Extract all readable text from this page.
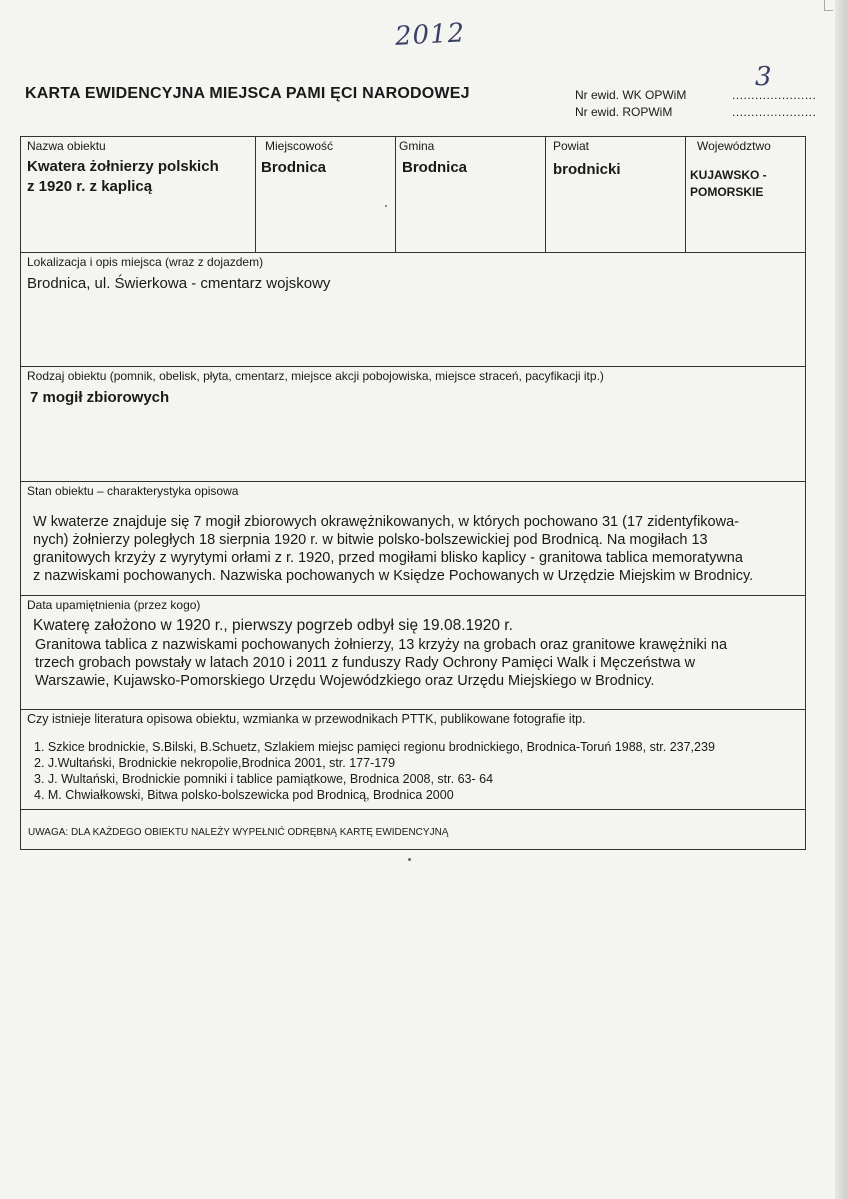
2012
3
KARTA EWIDENCYJNA MIEJSCA PAMI ĘCI NARODOWEJ	Nr ewid. WK OPWiM
Nr ewid. ROPWiM
......................
......................
Nazwa obiektu
Kwatera żołnierzy polskich
z 1920 r. z kaplicą
Miejscowość
Brodnica
Gmina
Brodnica
Powiat
brodnicki
Województwo
KUJAWSKO -
POMORSKIE
Lokalizacja i opis miejsca (wraz z dojazdem)
Brodnica, ul. Świerkowa - cmentarz wojskowy
Rodzaj obiektu (pomnik, obelisk, płyta, cmentarz, miejsce akcji pobojowiska, miejsce straceń, pacyfikacji itp.)
7 mogił zbiorowych
Stan obiektu – charakterystyka opisowa
W kwaterze znajduje się 7 mogił zbiorowych okrawężnikowanych, w których pochowano 31 (17 zidentyfikowa-
nych) żołnierzy poległych 18 sierpnia 1920 r. w bitwie polsko-bolszewickiej pod Brodnicą. Na mogiłach 13
granitowych krzyży z wyrytymi orłami z r. 1920, przed mogiłami blisko kaplicy - granitowa tablica memoratywna
z nazwiskami pochowanych. Nazwiska pochowanych w Księdze Pochowanych w Urzędzie Miejskim w Brodnicy.
Data upamiętnienia (przez kogo)
Kwaterę założono w 1920 r., pierwszy pogrzeb odbył się 19.08.1920 r.
Granitowa tablica z nazwiskami pochowanych żołnierzy, 13 krzyży na grobach oraz granitowe krawężniki na
trzech grobach powstały w latach 2010 i 2011 z funduszy Rady Ochrony Pamięci Walk i Męczeństwa w
Warszawie, Kujawsko-Pomorskiego Urzędu Wojewódzkiego oraz Urzędu Miejskiego w Brodnicy.
Czy istnieje literatura opisowa obiektu, wzmianka w przewodnikach PTTK, publikowane fotografie itp.
1. Szkice brodnickie, S.Bilski, B.Schuetz, Szlakiem miejsc pamięci regionu brodnickiego, Brodnica-Toruń 1988, str. 237,239
2. J.Wultański, Brodnickie nekropolie,Brodnica 2001, str. 177-179
3. J. Wultański, Brodnickie pomniki i tablice pamiątkowe, Brodnica 2008, str. 63- 64
4. M. Chwiałkowski, Bitwa polsko-bolszewicka pod Brodnicą, Brodnica 2000
UWAGA: DLA KAŻDEGO OBIEKTU NALEŻY WYPEŁNIĆ ODRĘBNĄ KARTĘ EWIDENCYJNĄ
